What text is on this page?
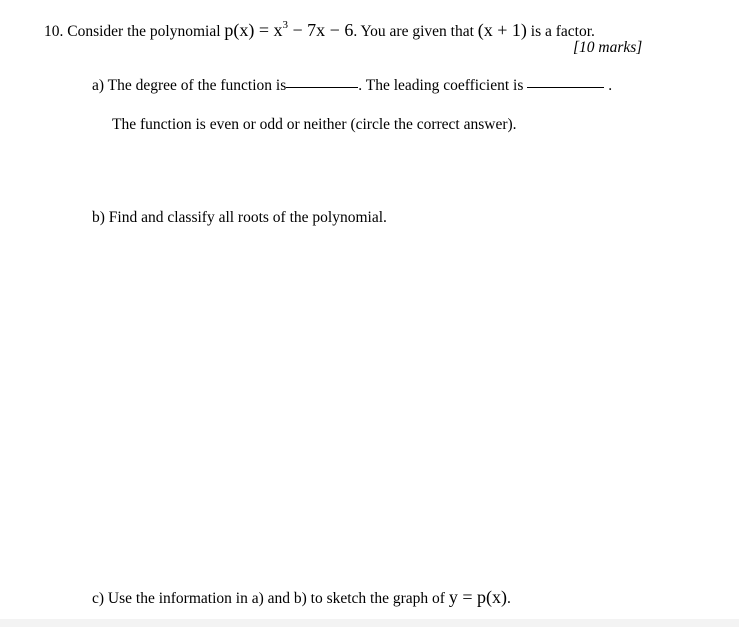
10. Consider the polynomial $p(x) = x^3 - 7x - 6$. You are given that (x + 1) is a factor.
[10 marks]
a) The degree of the function is	. The leading coefficient is	.
The function is even or odd or neither (circle the correct answer).
b) Find and classify all roots of the polynomial.
c) Use the information in a) and b) to sketch the graph of y = p(x).
